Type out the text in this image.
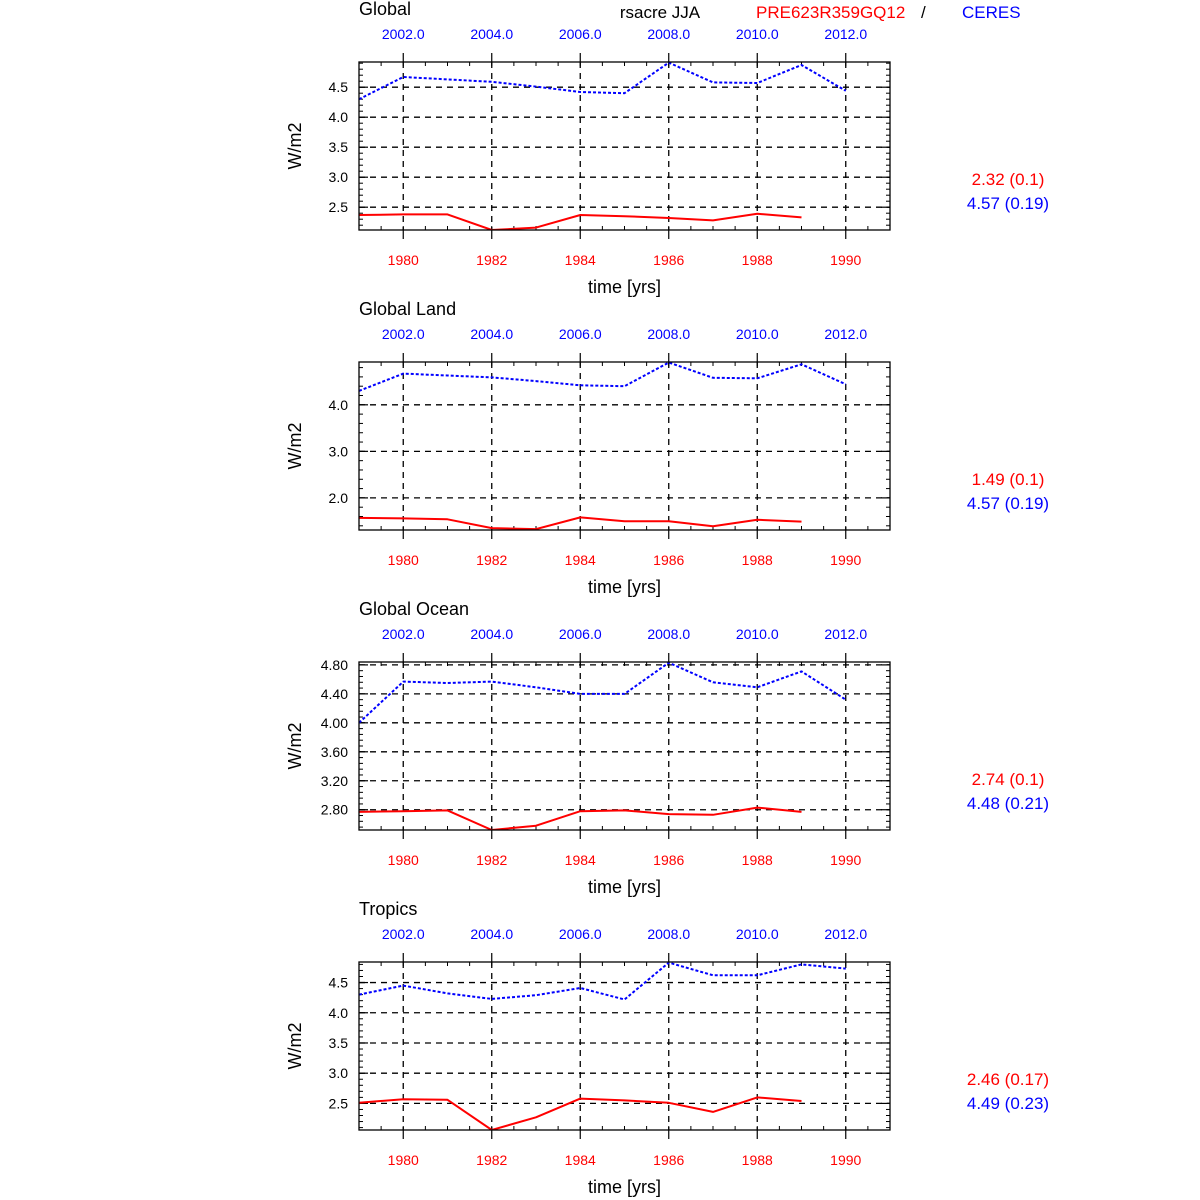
rsacre JJA	PRE623R359GQ12 / CERES
Global
2.5
3.0
3.5
4.0
4.5
1980	1982	1984	1986	1988	1990
2002.0	2004.0	2006.0	2008.0	2010.0	2012.0
time [yrs]
W/m2
2.32 (0.1)
4.57 (0.19)
Global Land
2.0
3.0
4.0
1980	1982	1984	1986	1988	1990
2002.0	2004.0	2006.0	2008.0	2010.0	2012.0
time [yrs]
W/m2
1.49 (0.1)
4.57 (0.19)
Global Ocean
2.80
3.20
3.60
4.00
4.40
4.80
1980	1982	1984	1986	1988	1990
2002.0	2004.0	2006.0	2008.0	2010.0	2012.0
time [yrs]
W/m2
2.74 (0.1)
4.48 (0.21)
Tropics
2.5
3.0
3.5
4.0
4.5
1980	1982	1984	1986	1988	1990
2002.0	2004.0	2006.0	2008.0	2010.0	2012.0
time [yrs]
W/m2
2.46 (0.17)
4.49 (0.23)
